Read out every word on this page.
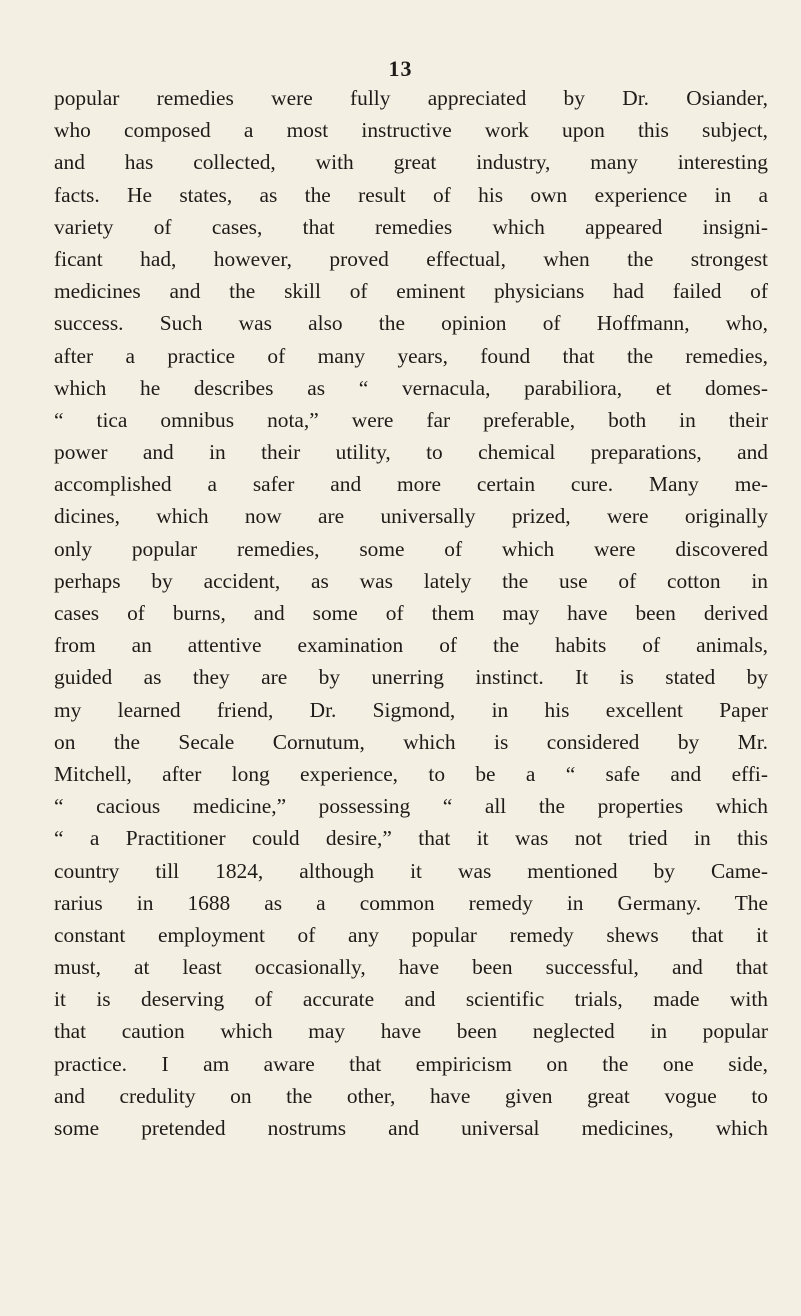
13
popular remedies were fully appreciated by Dr. Osiander,
who composed a most instructive work upon this subject,
and has collected, with great industry, many interesting
facts. He states, as the result of his own experience in a
variety of cases, that remedies which appeared insigni-
ficant had, however, proved effectual, when the strongest
medicines and the skill of eminent physicians had failed of
success. Such was also the opinion of Hoffmann, who,
after a practice of many years, found that the remedies,
which he describes as “ vernacula, parabiliora, et domes-
“ tica omnibus nota,” were far preferable, both in their
power and in their utility, to chemical preparations, and
accomplished a safer and more certain cure. Many me-
dicines, which now are universally prized, were originally
only popular remedies, some of which were discovered
perhaps by accident, as was lately the use of cotton in
cases of burns, and some of them may have been derived
from an attentive examination of the habits of animals,
guided as they are by unerring instinct. It is stated by
my learned friend, Dr. Sigmond, in his excellent Paper
on the Secale Cornutum, which is considered by Mr.
Mitchell, after long experience, to be a “ safe and effi-
“ cacious medicine,” possessing “ all the properties which
“ a Practitioner could desire,” that it was not tried in this
country till 1824, although it was mentioned by Came-
rarius in 1688 as a common remedy in Germany. The
constant employment of any popular remedy shews that it
must, at least occasionally, have been successful, and that
it is deserving of accurate and scientific trials, made with
that caution which may have been neglected in popular
practice. I am aware that empiricism on the one side,
and credulity on the other, have given great vogue to
some pretended nostrums and universal medicines, which
